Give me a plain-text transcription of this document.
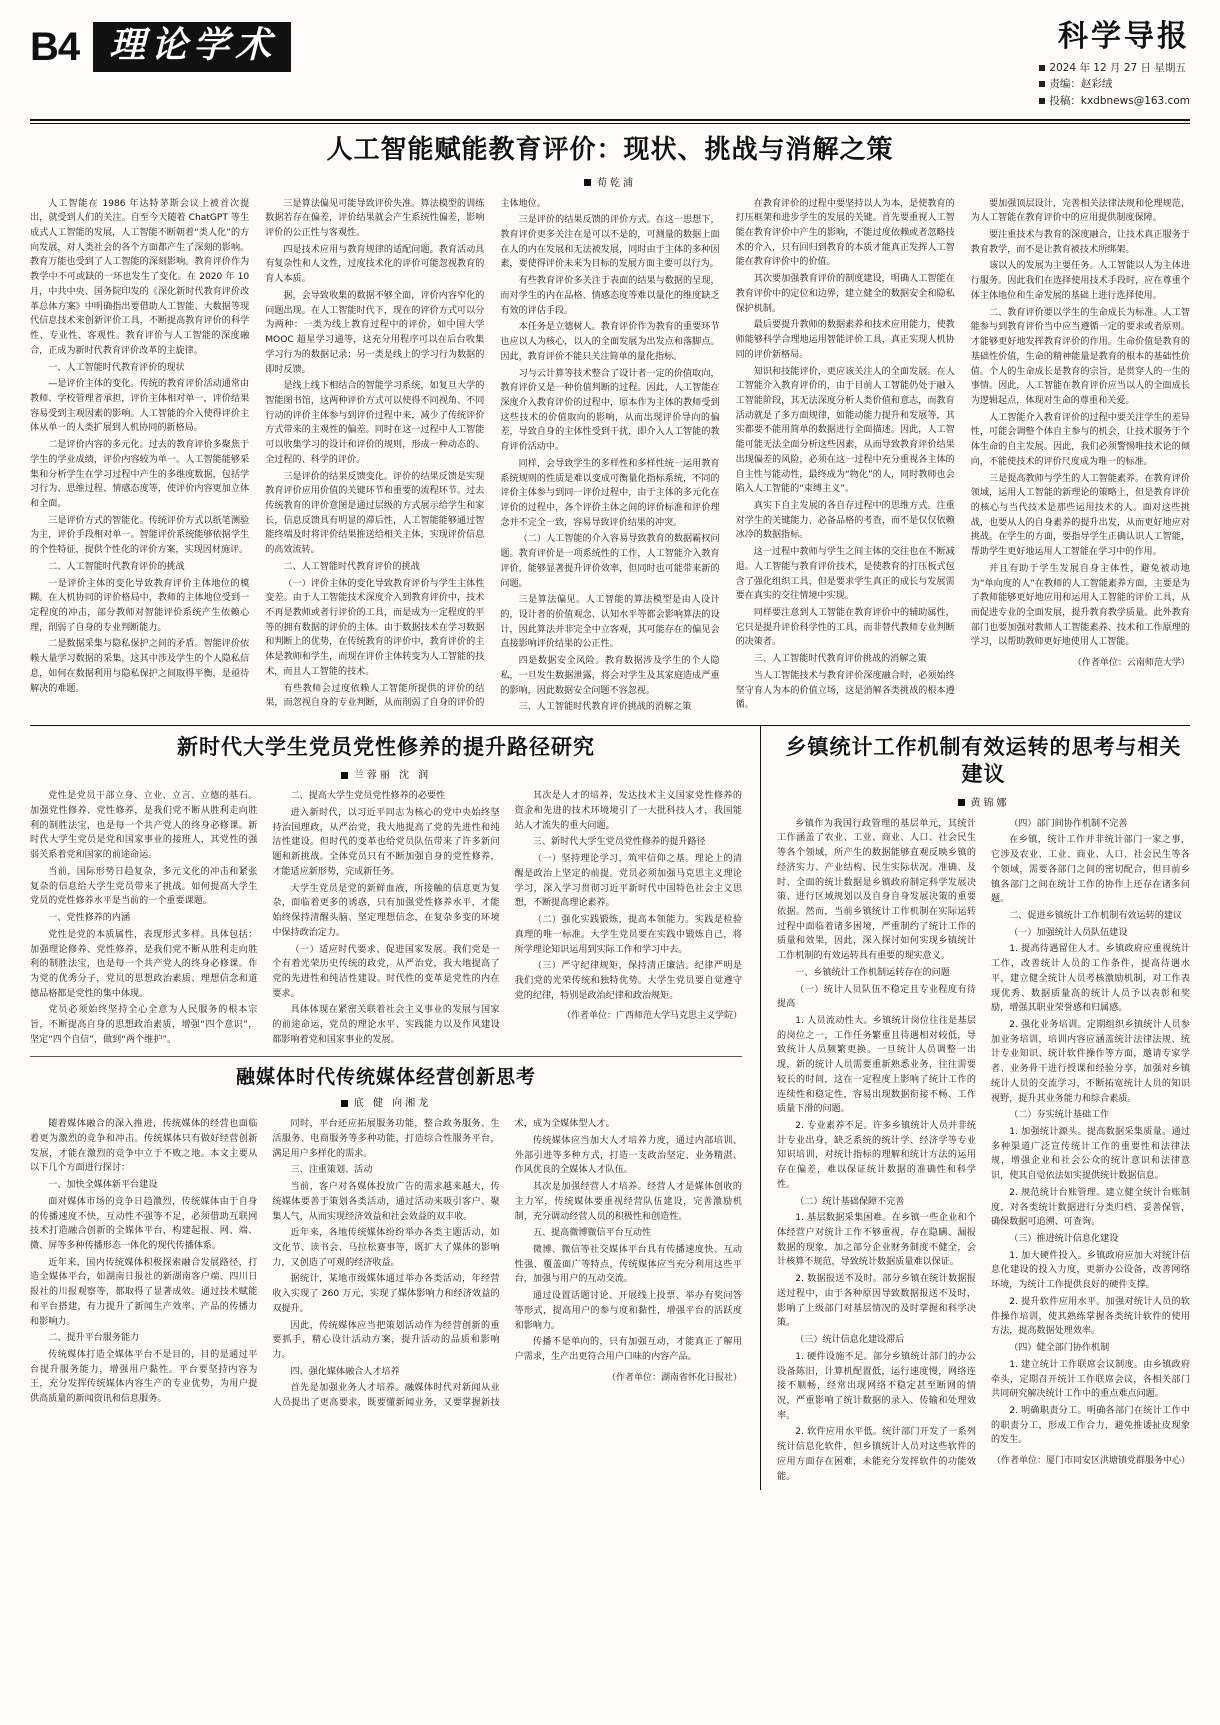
B4 理论学术	科学导报
2024 年 12 月 27 日 星期五
责编：赵彩绒
投稿：kxdbnews@163.com
人工智能赋能教育评价：现状、挑战与消解之策
荀乾浦

人工智能在 1986 年达特茅斯会议上被首次提出，就受到人们的关注。自至今天随着 ChatGPT 等生成式人工智能的发展，人工智能不断朝着“类人化”的方向发展，对人类社会的各个方面都产生了深刻的影响。教育万能也受到了人工智能的深刻影响。教育评价作为教学中不可或缺的一环也发生了变化。在 2020 年 10 月，中共中央、国务院印发的《深化新时代教育评价改革总体方案》中明确指出要借助人工智能、大数据等现代信息技术来创新评价工具，不断提高教育评价的科学性、专业性、客观性。教育评价与人工智能的深度融合，正成为新时代教育评价改革的主旋律。

一、人工智能时代教育评价的现状

—是评价主体的变化。传统的教育评价活动通常由教师、学校管理者承担，评价主体相对单一，评价结果容易受到主观因素的影响。人工智能的介入使得评价主体从单一的人类扩展到人机协同的新格局。

二是评价内容的多元化。过去的教育评价多聚焦于学生的学业成绩，评价内容较为单一。人工智能能够采集和分析学生在学习过程中产生的多维度数据，包括学习行为、思维过程、情感态度等，使评价内容更加立体和全面。

三是评价方式的智能化。传统评价方式以纸笔测验为主，评价手段相对单一。智能评价系统能够依据学生的个性特征，提供个性化的评价方案，实现因材施评。

二、人工智能时代教育评价的挑战

一是评价主体的变化导致教育评价主体地位的模糊。在人机协同的评价格局中，教师的主体地位受到一定程度的冲击，部分教师对智能评价系统产生依赖心理，削弱了自身的专业判断能力。

二是数据采集与隐私保护之间的矛盾。智能评价依赖大量学习数据的采集，这其中涉及学生的个人隐私信息，如何在数据利用与隐私保护之间取得平衡，是亟待解决的难题。

三是算法偏见可能导致评价失准。算法模型的训练数据若存在偏差，评价结果就会产生系统性偏差，影响评价的公正性与客观性。

四是技术应用与教育规律的适配问题。教育活动具有复杂性和人文性，过度技术化的评价可能忽视教育的育人本质。

据，会导致收集的数据不够全面，评价内容窄化的问题出现。在人工智能时代下，现在的评价方式可以分为两种：一类为线上教育过程中的评价，如中国大学 MOOC 超星学习通等，这充分用程序可以在后台收集学习行为的数据记录；另一类是线上的学习行为数据的即时反馈。

是线上线下相结合的智能学习系统，如复旦大学的智能图书馆，这两种评价方式可以使得不同视角、不同行动的评价主体参与到评价过程中来，减少了传统评价方式带来的主观性的偏差。同时在这一过程中人工智能可以收集学习的设计和评价的规则，形成一种动态的、全过程的、科学的评价。

三是评价的结果反馈变化。评价的结果反馈是实现教育评价应用价值的关键环节和重要的流程环节。过去传统教育的评价意图是通过层级的方式展示给学生和家长，信息反馈具有明显的滞后性，人工智能能够通过智能终端及时将评价结果推送给相关主体，实现评价信息的高效流转。

二、人工智能时代教育评价的挑战

（一）评价主体的变化导致教育评价与学生主体性变差。由于人工智能技术深度介入到教育评价中，技术不再是教师或者行评价的工具，而是成为一定程度的平等的拥有数据的评价的主体。由于数据技术在学习数据和判断上的优势，在传统教育的评价中，教育评价的主体是教师和学生，而现在评价主体转变为人工智能的技术，而且人工智能的技术。

有些教师会过度依赖人工智能所提供的评价的结果，而忽视自身的专业判断，从而削弱了自身的评价的主体地位。

三是评价的结果反馈的评价方式。在这一思想下，教育评价更多关注在是可以不是的，可测量的数据上面在人的内在发展和无法被发展，同时由于主体的多种因素，要使得评价未来为目标的发展方面主要可以行为。

有些教育评价多关注于表面的结果与数据的呈现，而对学生的内在品格、情感态度等难以量化的维度缺乏有效的评估手段。

本任务是立德树人。教育评价作为教育的重要环节也应以人为核心，以人的全面发展为出发点和落脚点。因此，教育评价不能只关注简单的量化指标。

习与云计算等技术整合了设计者一定的价值取向，教育评价又是一种价值判断的过程。因此，人工智能在深度介入教育评价的过程中，原本作为主体的教师受到这些技术的价值取向的影响，从而出现评价导向的偏差，导致自身的主体性受到干扰，即介入人工智能的教育评价活动中。

同样，会导致学生的多样性和多样性统一运用教育系统规则的性质是难以变成可衡量化指标系统，不同的评价主体参与到同一评价过程中，由于主体的多元化在评价的过程中，各个评价主体之间的评价标准和评价理念并不完全一致，容易导致评价结果的冲突。

（二）人工智能的介入容易导致教育的数据霸权问题。教育评价是一项系统性的工作，人工智能介入教育评价，能够显著提升评价效率，但同时也可能带来新的问题。

三是算法偏见。人工智能的算法模型是由人设计的，设计者的价值观念、认知水平等都会影响算法的设计，因此算法并非完全中立客观，其可能存在的偏见会直接影响评价结果的公正性。

四是数据安全风险。教育数据涉及学生的个人隐私，一旦发生数据泄露，将会对学生及其家庭造成严重的影响，因此数据安全问题不容忽视。

三、人工智能时代教育评价挑战的消解之策

在教育评价的过程中要坚持以人为本，是使教育的打压框架和进步学生的发展的关键。首先要重视人工智能在教育评价中产生的影响，不能过度依赖或者忽略技术的介入，只有回归到教育的本质才能真正发挥人工智能在教育评价中的价值。

其次要加强教育评价的制度建设，明确人工智能在教育评价中的定位和边界，建立健全的数据安全和隐私保护机制。

最后要提升教师的数据素养和技术应用能力，使教师能够科学合理地运用智能评价工具，真正实现人机协同的评价新格局。

知识和技能评价，更应该关注人的全面发展。在人工智能介入教育评价的，由于目前人工智能仍处于融入工智能阶段，其无法深度分析人类价值和意志，而教育活动就是了多方面规律，如能动能力提升和发展等，其实都要不能用简单的数据进行全面描述。因此，人工智能可能无法全面分析这些因素，从而导致教育评价结果出现偏差的风险，必须在这一过程中充分重视各主体的自主性与能动性，最终成为“物化”的人，同时教师也会陷入人工智能的“束缚主义”。

真实下自主发展的各自存过程中的思维方式。注重对学生的关键能力、必备品格的考查，而不是仅仅依赖冰冷的数据指标。

这一过程中教师与学生之间主体的交往也在不断减退。人工智能与教育评价技术，是使教育的打压板式包含了强化组织工具，但是要求学生真正的成长与发展需要在真实的交往情境中实现。

同样要注意到人工智能在教育评价中的辅助属性，它只是提升评价科学性的工具，而非替代教师专业判断的决策者。

三、人工智能时代教育评价挑战的消解之策

当人工智能技术与教育评价深度融合时，必须始终坚守育人为本的价值立场，这是消解各类挑战的根本遵循。

要加强顶层设计，完善相关法律法规和伦理规范，为人工智能在教育评价中的应用提供制度保障。

要注重技术与教育的深度融合，让技术真正服务于教育教学，而不是让教育被技术所绑架。

该以人的发展为主要任务。人工智能以人为主体进行服务。因此我们在选择使用技术手段时，应在尊重个体主体地位和生命发展的基础上进行选择使用。

二、教育评价要以学生的生命成长为标准。人工智能参与到教育评价当中应当遵循一定的要求或者原则。才能够更好地发挥教育评价的作用。生命价值是教育的基础性价值，生命的精神能量是教育的根本的基础性价值。个人的生命成长是教育的宗旨，是贯穿人的一生的事情。因此，人工智能在教育评价应当以人的全面成长为逻辑起点，体现对生命的尊重和关爱。

人工智能介入教育评价的过程中要关注学生的差异性，可能会调整个体自主参与的机会，让技术服务于个体生命的自主发展。因此，我们必须警惕唯技术论的倾向，不能使技术的评价尺度成为唯一的标准。

三是提高教师与学生的人工智能素养。在教育评价领域，运用人工智能的新理论的策略上，但是教育评价的核心与当代技术是那些运用技术的人。面对这些挑战，也要从人的自身素养的提升出发，从而更好地应对挑战。在学生的方面，要指导学生正确认识人工智能，帮助学生更好地运用人工智能在学习中的作用。

并且有助于学生发展自身主体性，避免被动地为“单向度的人”在教师的人工智能素养方面，主要是为了教师能够更好地应用和运用人工智能的评价工具，从而促进专业的全面发展，提升教育教学质量。此外教育部门也要加强对教师人工智能素养、技术和工作原理的学习，以帮助教师更好地使用人工智能。

（作者单位：云南师范大学）
新时代大学生党员党性修养的提升路径研究
兰蓉丽 沈 润

党性是党员干部立身、立业、立言、立德的基石。加强党性修养、党性修养，是我们党不断从胜利走向胜利的制胜法宝，也是每一个共产党人的终身必修课。新时代大学生党员是党和国家事业的接班人，其党性的强弱关系着党和国家的前途命运。

当前，国际形势日趋复杂，多元文化的冲击和紧张复杂的信息给大学生党员带来了挑战。如何提高大学生党员的党性修养水平是当前的一个重要课题。

一、党性修养的内涵

党性是党的本质属性，表现形式多样。具体包括：加强理论修养、党性修养，是我们党不断从胜利走向胜利的制胜法宝，也是每一个共产党人的终身必修课。作为党的优秀分子，党员的思想政治素质、理想信念和道德品格都是党性的集中体现。

党员必须始终坚持全心全意为人民服务的根本宗旨，不断提高自身的思想政治素质，增强“四个意识”，坚定“四个自信”，做到“两个维护”。

二、提高大学生党员党性修养的必要性

进入新时代，以习近平同志为核心的党中央始终坚持治国理政，从严治党，我大地提高了党的先进性和纯洁性建设。但时代的变革也给党员队伍带来了许多新问题和新挑战。全体党员只有不断加强自身的党性修养，才能适应新形势，完成新任务。

大学生党员是党的新鲜血液，所接触的信息更为复杂，面临着更多的诱惑，只有加强党性修养水平，才能始终保持清醒头脑、坚定理想信念，在复杂多变的环境中保持政治定力。

（一）适应时代要求、促进国家发展。我们党是一个有着光荣历史传统的政党，从严治党，我大地提高了党的先进性和纯洁性建设。时代性的变革是党性的内在要求。

具体体现在紧密关联着社会主义事业的发展与国家的前途命运，党员的理论水平、实践能力以及作风建设都影响着党和国家事业的发展。

其次是人才的培养，发达技术主义国家党性修养的资金和先进的技术环境境引了一大批科技人才，我国能站人才流失的重大问题。

三、新时代大学生党员党性修养的提升路径

（一）坚持理论学习，筑牢信仰之基。理论上的清醒是政治上坚定的前提。党员必须加强马克思主义理论学习，深入学习贯彻习近平新时代中国特色社会主义思想，不断提高理论素养。

（二）强化实践锻炼，提高本领能力。实践是检验真理的唯一标准。大学生党员要在实践中锻炼自己，将所学理论知识运用到实际工作和学习中去。

（三）严守纪律规矩，保持清正廉洁。纪律严明是我们党的光荣传统和独特优势。大学生党员要自觉遵守党的纪律，特别是政治纪律和政治规矩。

（作者单位：广西师范大学马克思主义学院）
融媒体时代传统媒体经营创新思考
底 健 向湘龙

随着媒体融合的深入推进，传统媒体的经营也面临着更为激烈的竞争和冲击。传统媒体只有做好经营创新发展，才能在激烈的竞争中立于不败之地。本文主要从以下几个方面进行探讨：

一、加快全媒体新平台建设

面对媒体市场的竞争日趋激烈，传统媒体由于自身的传播速度不快，互动性不强等不足，必须借助互联网技术打造融合创新的全媒体平台，构建起报、网、端、微、屏等多种传播形态一体化的现代传播体系。

近年来，国内传统媒体积极探索融合发展路径，打造全媒体平台，如湖南日报社的新湖南客户端、四川日报社的川报观察等，都取得了显著成效。通过技术赋能和平台搭建，有力提升了新闻生产效率、产品的传播力和影响力。

二、提升平台服务能力

传统媒体打造全媒体平台不是目的，目的是通过平台提升服务能力，增强用户黏性。平台要坚持内容为王，充分发挥传统媒体内容生产的专业优势，为用户提供高质量的新闻资讯和信息服务。

同时，平台还应拓展服务功能，整合政务服务、生活服务、电商服务等多种功能，打造综合性服务平台，满足用户多样化的需求。

三、注重策划、活动

当前，客户对各媒体投放广告的需求越来越大，传统媒体要善于策划各类活动，通过活动来吸引客户、聚集人气，从而实现经济效益和社会效益的双丰收。

近年来，各地传统媒体纷纷举办各类主题活动，如文化节、读书会、马拉松赛事等，既扩大了媒体的影响力，又创造了可观的经济收益。

据统计，某地市级媒体通过举办各类活动，年经营收入实现了 260 万元，实现了媒体影响力和经济效益的双提升。

因此，传统媒体应当把策划活动作为经营创新的重要抓手，精心设计活动方案，提升活动的品质和影响力。

四、强化媒体融合人才培养

首先是加强业务人才培养。融媒体时代对新闻从业人员提出了更高要求，既要懂新闻业务，又要掌握新技术，成为全媒体型人才。

传统媒体应当加大人才培养力度，通过内部培训、外部引进等多种方式，打造一支政治坚定、业务精湛、作风优良的全媒体人才队伍。

其次是加强经营人才培养。经营人才是媒体创收的主力军，传统媒体要重视经营队伍建设，完善激励机制，充分调动经营人员的积极性和创造性。

五、提高微博微信平台互动性

微博、微信等社交媒体平台具有传播速度快、互动性强、覆盖面广等特点，传统媒体应当充分利用这些平台，加强与用户的互动交流。

通过设置话题讨论、开展线上投票、举办有奖问答等形式，提高用户的参与度和黏性，增强平台的活跃度和影响力。

传播不是单向的，只有加强互动，才能真正了解用户需求，生产出更符合用户口味的内容产品。

（作者单位：湖南省怀化日报社）
乡镇统计工作机制有效运转的思考与相关建议
黄锦娜

乡镇作为我国行政管理的基层单元，其统计工作涵盖了农业、工业、商业、人口、社会民生等各个领域，所产生的数据能够直观反映乡镇的经济实力、产业结构、民生实际状况。准确、及时、全面的统计数据是乡镇政府制定科学发展决策、进行区域规划以及自身自身发展决策的重要依据。然而，当前乡镇统计工作机制在实际运转过程中面临着诸多困境，严重制约了统计工作的质量和效果，因此，深入探讨如何实现乡镇统计工作机制的有效运转具有重要的现实意义。

一、乡镇统计工作机制运转存在的问题

（一）统计人员队伍不稳定且专业程度有待提高

1. 人员流动性大。乡镇统计岗位往往是基层的岗位之一，工作任务繁重且待遇相对较低，导致统计人员频繁更换。一旦统计人员调整一出现，新的统计人员需要重新熟悉业务，往往需要较长的时间，这在一定程度上影响了统计工作的连续性和稳定性，容易出现数据衔接不畅、工作质量下滑的问题。

2. 专业素养不足。许多乡镇统计人员并非统计专业出身，缺乏系统的统计学、经济学等专业知识培训，对统计指标的理解和统计方法的运用存在偏差，难以保证统计数据的准确性和科学性。

（二）统计基础保障不完善

1. 基层数据采集困难。在乡镇一些企业和个体经营户对统计工作不够重视，存在隐瞒、漏报数据的现象，加之部分企业财务制度不健全，会计核算不规范，导致统计数据质量难以保证。

2. 数据报送不及时。部分乡镇在统计数据报送过程中，由于各种原因导致数据报送不及时，影响了上级部门对基层情况的及时掌握和科学决策。

（三）统计信息化建设滞后

1. 硬件设施不足。部分乡镇统计部门的办公设备陈旧，计算机配置低，运行速度慢，网络连接不顺畅，经常出现网络不稳定甚至断网的情况，严重影响了统计数据的录入、传输和处理效率。

2. 软件应用水平低。统计部门开发了一系列统计信息化软件，但乡镇统计人员对这些软件的应用方面存在困难，未能充分发挥软件的功能效能。

（四）部门间协作机制不完善

在乡镇，统计工作并非统计部门一家之事，它涉及农业、工业、商业、人口、社会民生等各个领域，需要各部门之间的密切配合，但目前乡镇各部门之间在统计工作的协作上还存在诸多问题。

二、促进乡镇统计工作机制有效运转的建议

（一）加强统计人员队伍建设

1. 提高待遇留住人才。乡镇政府应重视统计工作，改善统计人员的工作条件，提高待遇水平，建立健全统计人员考核激励机制，对工作表现优秀、数据质量高的统计人员予以表彰和奖励，增强其职业荣誉感和归属感。

2. 强化业务培训。定期组织乡镇统计人员参加业务培训，培训内容应涵盖统计法律法规、统计专业知识、统计软件操作等方面，邀请专家学者、业务骨干进行授课和经验分享，加强对乡镇统计人员的交流学习，不断拓宽统计人员的知识视野，提升其业务能力和综合素质。

（二）夯实统计基础工作

1. 加强统计源头。提高数据采集质量。通过多种渠道广泛宣传统计工作的重要性和法律法规，增强企业和社会公众的统计意识和法律意识，使其自觉依法如实提供统计数据信息。

2. 规范统计台账管理。建立健全统计台账制度，对各类统计数据进行分类归档、妥善保管，确保数据可追溯、可查询。

（三）推进统计信息化建设

1. 加大硬件投入。乡镇政府应加大对统计信息化建设的投入力度，更新办公设备，改善网络环境，为统计工作提供良好的硬件支撑。

2. 提升软件应用水平。加强对统计人员的软件操作培训，使其熟练掌握各类统计软件的使用方法，提高数据处理效率。

（四）健全部门协作机制

1. 建立统计工作联席会议制度。由乡镇政府牵头，定期召开统计工作联席会议，各相关部门共同研究解决统计工作中的重点难点问题。

2. 明确职责分工。明确各部门在统计工作中的职责分工，形成工作合力，避免推诿扯皮现象的发生。

（作者单位：厦门市同安区洪塘镇党群服务中心）
